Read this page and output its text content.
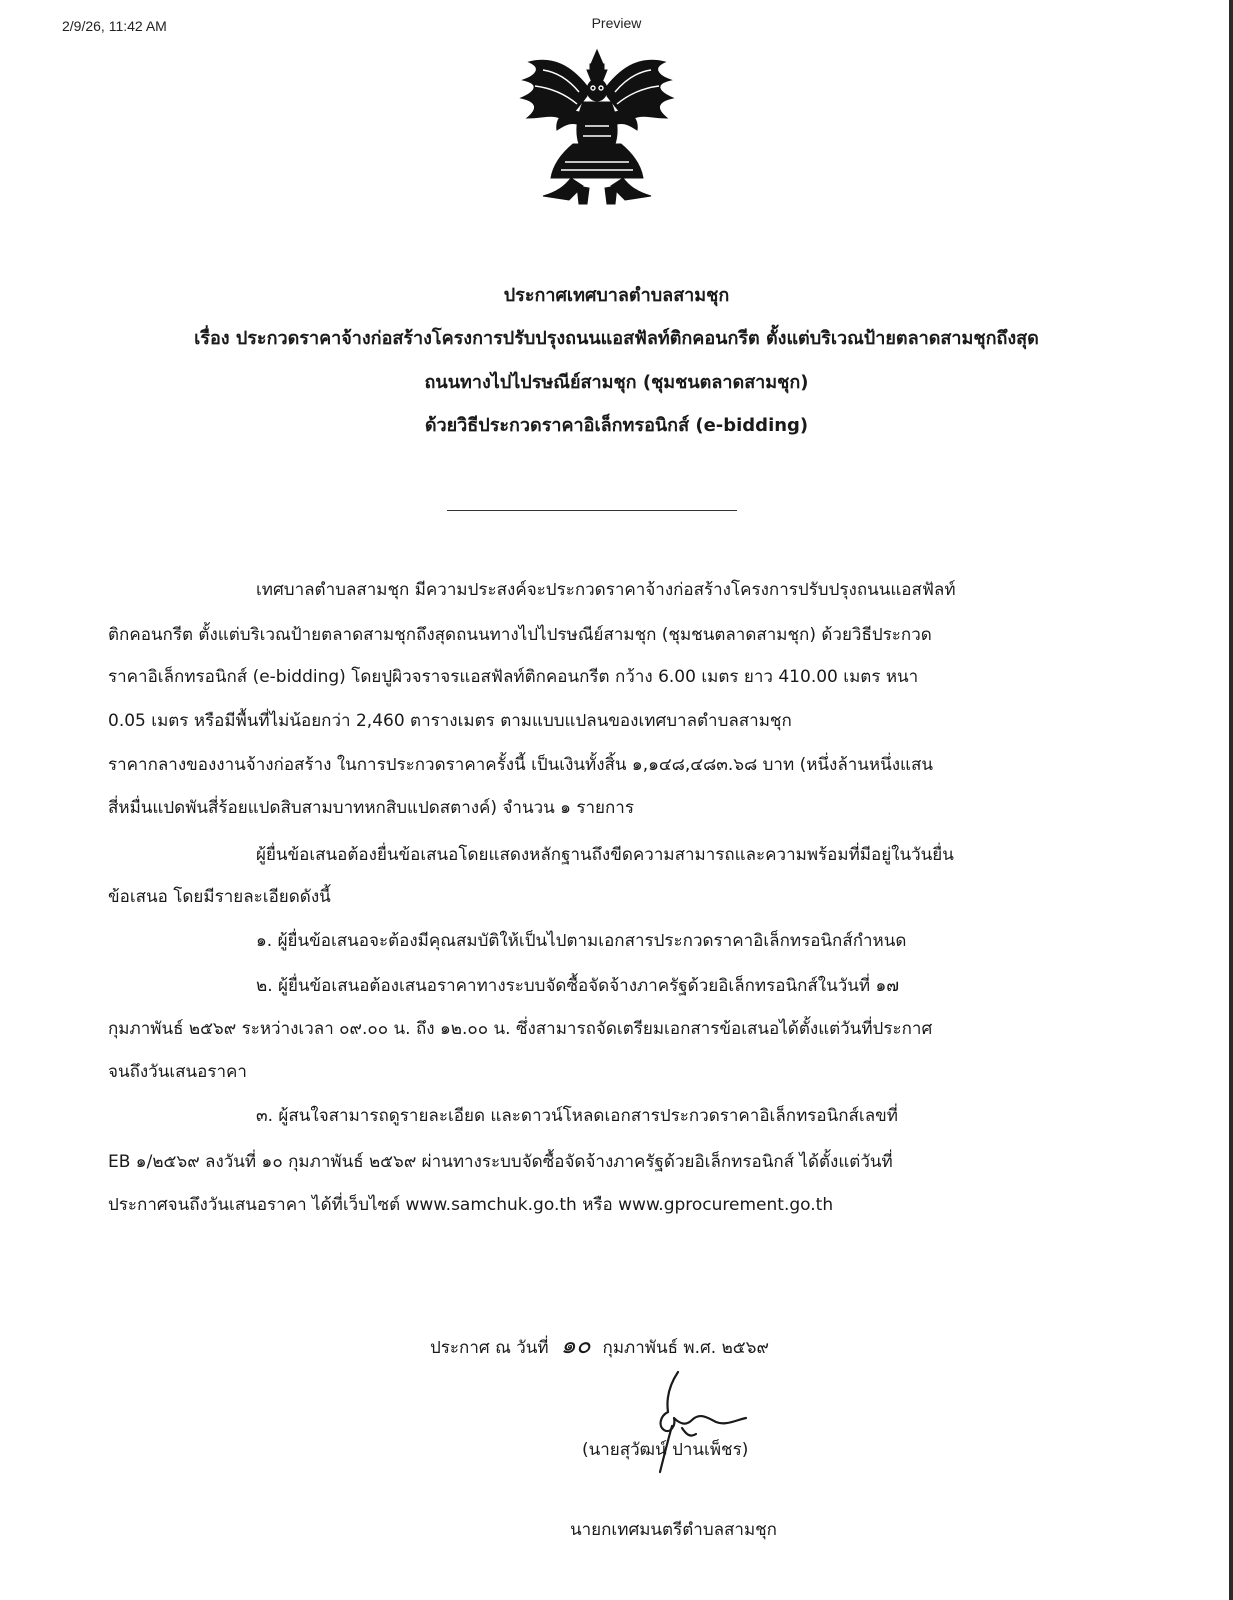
2/9/26, 11:42 AM	Preview
ประกาศเทศบาลตำบลสามชุก
เรื่อง ประกวดราคาจ้างก่อสร้างโครงการปรับปรุงถนนแอสฟัลท์ติกคอนกรีต ตั้งแต่บริเวณป้ายตลาดสามชุกถึงสุด
ถนนทางไปไปรษณีย์สามชุก (ชุมชนตลาดสามชุก)
ด้วยวิธีประกวดราคาอิเล็กทรอนิกส์ (e-bidding)
เทศบาลตำบลสามชุก มีความประสงค์จะประกวดราคาจ้างก่อสร้างโครงการปรับปรุงถนนแอสฟัลท์
ติกคอนกรีต ตั้งแต่บริเวณป้ายตลาดสามชุกถึงสุดถนนทางไปไปรษณีย์สามชุก (ชุมชนตลาดสามชุก) ด้วยวิธีประกวด
ราคาอิเล็กทรอนิกส์ (e-bidding) โดยปูผิวจราจรแอสฟัลท์ติกคอนกรีต กว้าง 6.00 เมตร ยาว 410.00 เมตร หนา
0.05 เมตร หรือมีพื้นที่ไม่น้อยกว่า 2,460 ตารางเมตร ตามแบบแปลนของเทศบาลตำบลสามชุก
ราคากลางของงานจ้างก่อสร้าง ในการประกวดราคาครั้งนี้ เป็นเงินทั้งสิ้น ๑,๑๔๘,๔๘๓.๖๘ บาท (หนึ่งล้านหนึ่งแสน
สี่หมื่นแปดพันสี่ร้อยแปดสิบสามบาทหกสิบแปดสตางค์) จำนวน ๑ รายการ
ผู้ยื่นข้อเสนอต้องยื่นข้อเสนอโดยแสดงหลักฐานถึงขีดความสามารถและความพร้อมที่มีอยู่ในวันยื่น
ข้อเสนอ โดยมีรายละเอียดดังนี้
๑. ผู้ยื่นข้อเสนอจะต้องมีคุณสมบัติให้เป็นไปตามเอกสารประกวดราคาอิเล็กทรอนิกส์กำหนด
๒. ผู้ยื่นข้อเสนอต้องเสนอราคาทางระบบจัดซื้อจัดจ้างภาครัฐด้วยอิเล็กทรอนิกส์ในวันที่ ๑๗
กุมภาพันธ์ ๒๕๖๙ ระหว่างเวลา ๐๙.๐๐ น. ถึง ๑๒.๐๐ น. ซึ่งสามารถจัดเตรียมเอกสารข้อเสนอได้ตั้งแต่วันที่ประกาศ
จนถึงวันเสนอราคา
๓. ผู้สนใจสามารถดูรายละเอียด และดาวน์โหลดเอกสารประกวดราคาอิเล็กทรอนิกส์เลขที่
EB ๑/๒๕๖๙ ลงวันที่ ๑๐ กุมภาพันธ์ ๒๕๖๙ ผ่านทางระบบจัดซื้อจัดจ้างภาครัฐด้วยอิเล็กทรอนิกส์ ได้ตั้งแต่วันที่
ประกาศจนถึงวันเสนอราคา ได้ที่เว็บไซต์ www.samchuk.go.th หรือ www.gprocurement.go.th
ประกาศ ณ วันที่ ๑๐ กุมภาพันธ์ พ.ศ. ๒๕๖๙
(นายสุวัฒน์ ปานเพ็ชร)
นายกเทศมนตรีตำบลสามชุก
